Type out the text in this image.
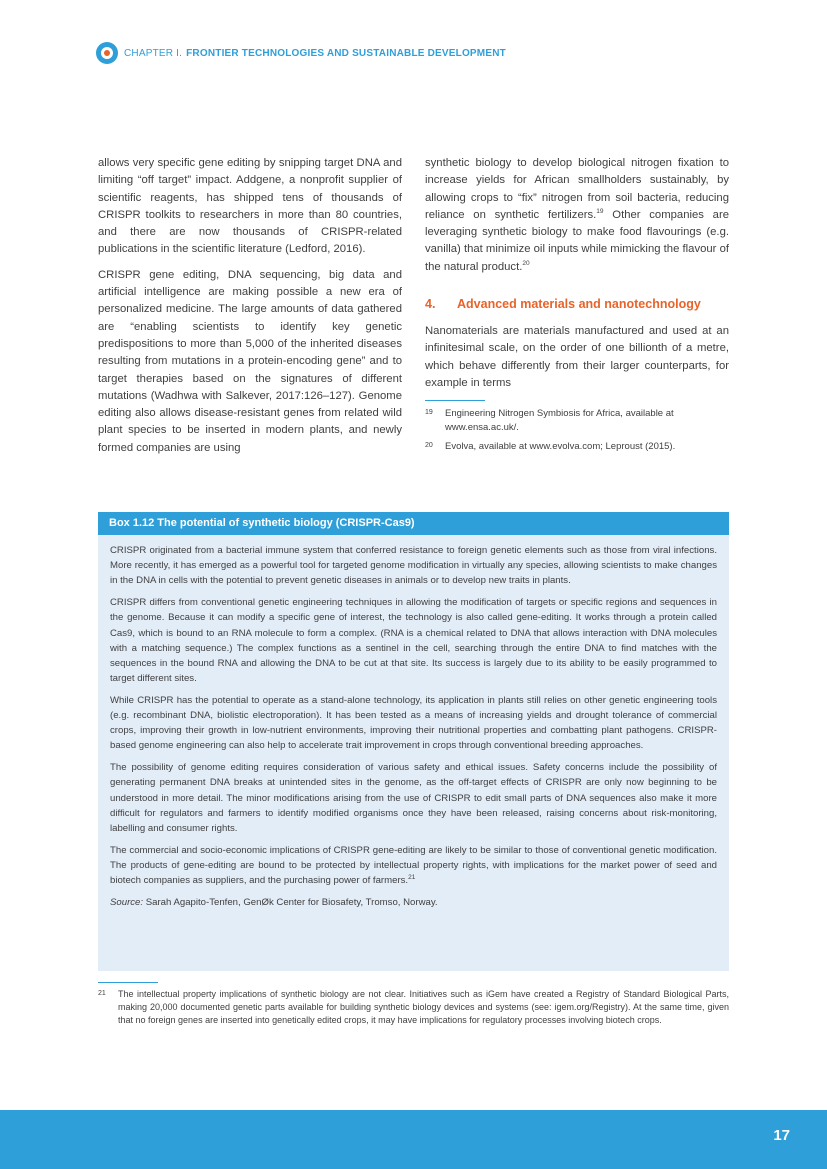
CHAPTER I. FRONTIER TECHNOLOGIES AND SUSTAINABLE DEVELOPMENT

allows very specific gene editing by snipping target DNA and limiting “off target” impact. Addgene, a nonprofit supplier of scientific reagents, has shipped tens of thousands of CRISPR toolkits to researchers in more than 80 countries, and there are now thousands of CRISPR-related publications in the scientific literature (Ledford, 2016).

CRISPR gene editing, DNA sequencing, big data and artificial intelligence are making possible a new era of personalized medicine. The large amounts of data gathered are “enabling scientists to identify key genetic predispositions to more than 5,000 of the inherited diseases resulting from mutations in a protein-encoding gene” and to target therapies based on the signatures of different mutations (Wadhwa with Salkever, 2017:126–127). Genome editing also allows disease-resistant genes from related wild plant species to be inserted in modern plants, and newly formed companies are using

synthetic biology to develop biological nitrogen fixation to increase yields for African smallholders sustainably, by allowing crops to “fix” nitrogen from soil bacteria, reducing reliance on synthetic fertilizers.$^{19}$ Other companies are leveraging synthetic biology to make food flavourings (e.g. vanilla) that minimize oil inputs while mimicking the flavour of the natural product.$^{20}$

4.	Advanced materials and nanotechnology

Nanomaterials are materials manufactured and used at an infinitesimal scale, on the order of one billionth of a metre, which behave differently from their larger counterparts, for example in terms

19	Engineering Nitrogen Symbiosis for Africa, available at www.ensa.ac.uk/.
20	Evolva, available at www.evolva.com; Leproust (2015).
Box 1.12 The potential of synthetic biology (CRISPR-Cas9)

CRISPR originated from a bacterial immune system that conferred resistance to foreign genetic elements such as those from viral infections. More recently, it has emerged as a powerful tool for targeted genome modification in virtually any species, allowing scientists to make changes in the DNA in cells with the potential to prevent genetic diseases in animals or to develop new traits in plants.

CRISPR differs from conventional genetic engineering techniques in allowing the modification of targets or specific regions and sequences in the genome. Because it can modify a specific gene of interest, the technology is also called gene-editing. It works through a protein called Cas9, which is bound to an RNA molecule to form a complex. (RNA is a chemical related to DNA that allows interaction with DNA molecules with a matching sequence.) The complex functions as a sentinel in the cell, searching through the entire DNA to find matches with the sequences in the bound RNA and allowing the DNA to be cut at that site. Its success is largely due to its ability to be easily programmed to target different sites.

While CRISPR has the potential to operate as a stand-alone technology, its application in plants still relies on other genetic engineering tools (e.g. recombinant DNA, biolistic electroporation). It has been tested as a means of increasing yields and drought tolerance of commercial crops, improving their growth in low-nutrient environments, improving their nutritional properties and combatting plant pathogens. CRISPR-based genome engineering can also help to accelerate trait improvement in crops through conventional breeding approaches.

The possibility of genome editing requires consideration of various safety and ethical issues. Safety concerns include the possibility of generating permanent DNA breaks at unintended sites in the genome, as the off-target effects of CRISPR are only now beginning to be understood in more detail. The minor modifications arising from the use of CRISPR to edit small parts of DNA sequences also make it more difficult for regulators and farmers to identify modified organisms once they have been released, raising concerns about risk-monitoring, labelling and consumer rights.

The commercial and socio-economic implications of CRISPR gene-editing are likely to be similar to those of conventional genetic modification. The products of gene-editing are bound to be protected by intellectual property rights, with implications for the market power of seed and biotech companies as suppliers, and the purchasing power of farmers.$^{21}$

Source: Sarah Agapito-Tenfen, GenØk Center for Biosafety, Tromso, Norway.
21	The intellectual property implications of synthetic biology are not clear. Initiatives such as iGem have created a Registry of Standard Biological Parts, making 20,000 documented genetic parts available for building synthetic biology devices and systems (see: igem.org/Registry). At the same time, given that no foreign genes are inserted into genetically edited crops, it may have implications for regulatory processes involving biotech crops.
17
